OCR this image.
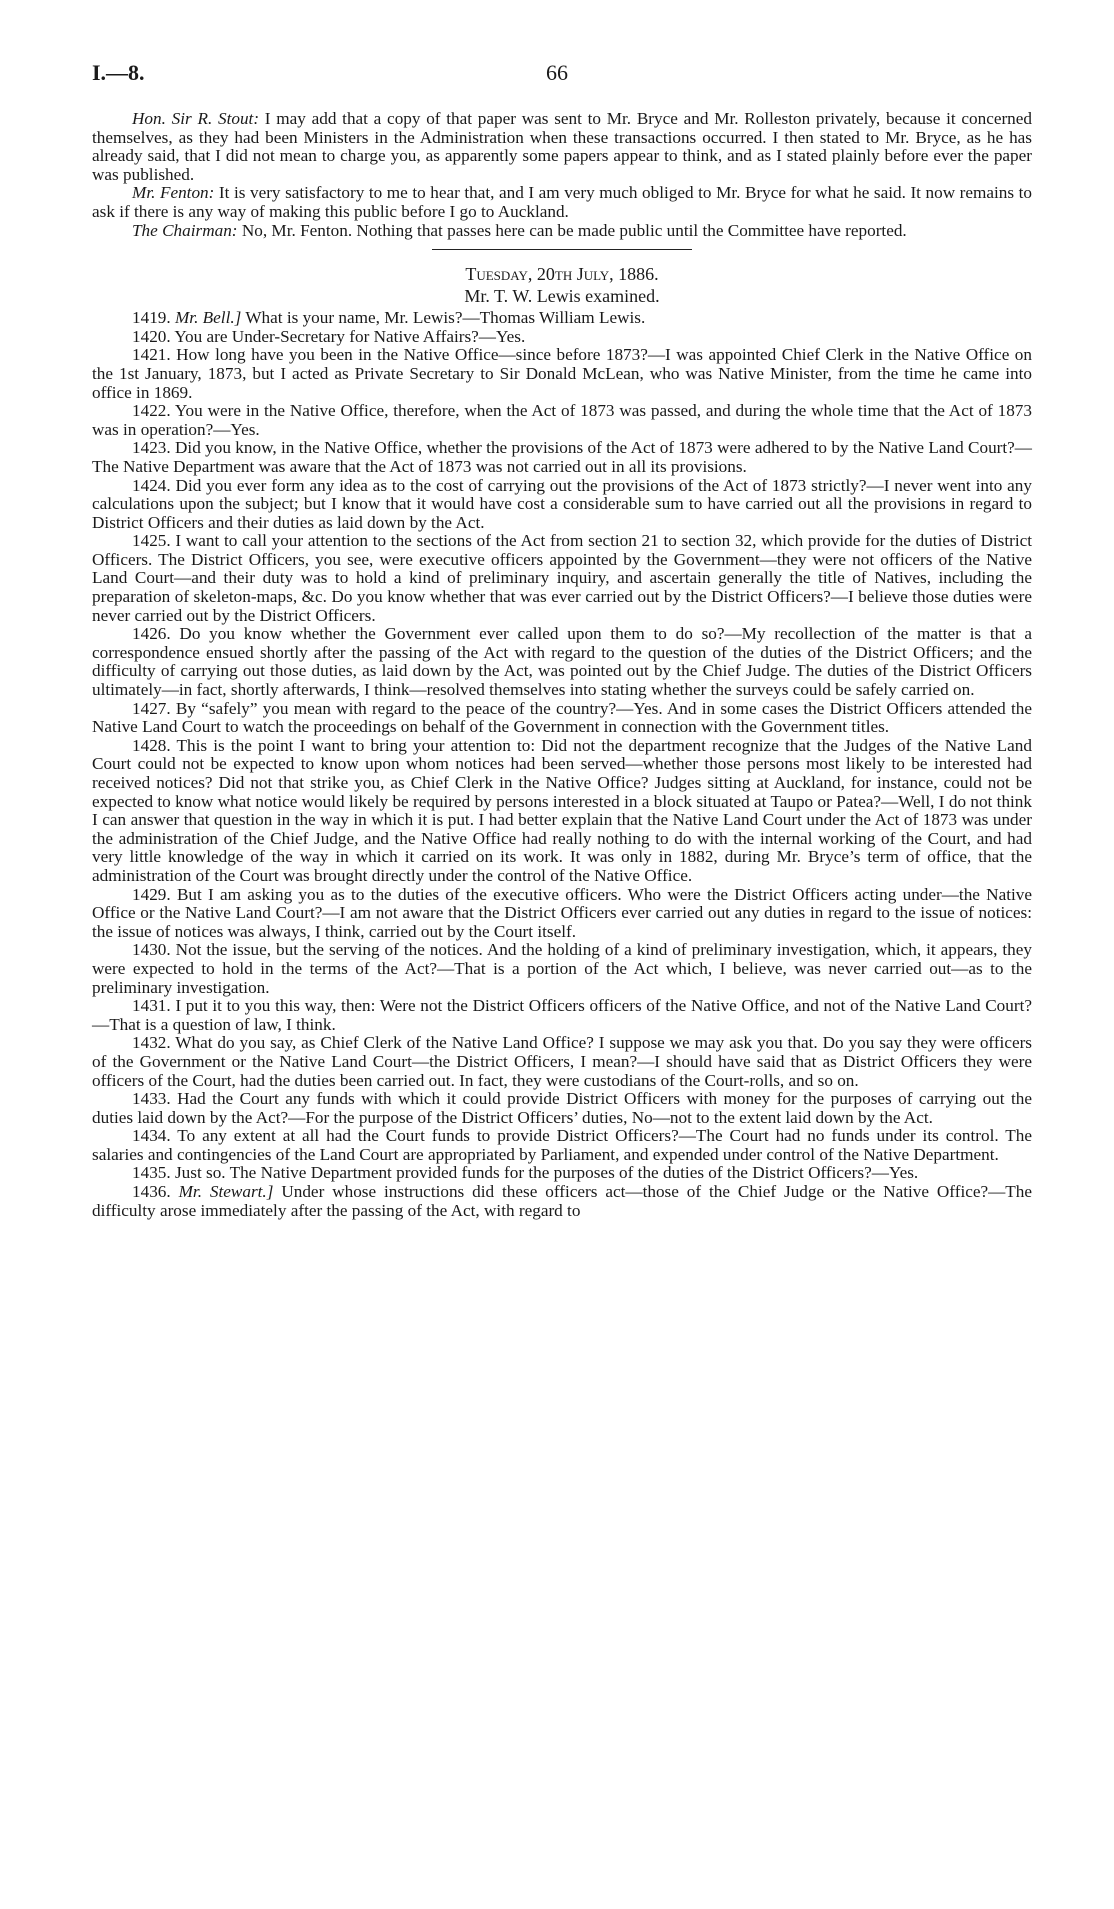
I.—8.	66

Hon. Sir R. Stout: I may add that a copy of that paper was sent to Mr. Bryce and Mr. Rolleston privately, because it concerned themselves, as they had been Ministers in the Administration when these transactions occurred. I then stated to Mr. Bryce, as he has already said, that I did not mean to charge you, as apparently some papers appear to think, and as I stated plainly before ever the paper was published.

Mr. Fenton: It is very satisfactory to me to hear that, and I am very much obliged to Mr. Bryce for what he said. It now remains to ask if there is any way of making this public before I go to Auckland.

The Chairman: No, Mr. Fenton. Nothing that passes here can be made public until the Committee have reported.

Tuesday, 20th July, 1886.

Mr. T. W. Lewis examined.

1419. Mr. Bell.] What is your name, Mr. Lewis?—Thomas William Lewis.

1420. You are Under-Secretary for Native Affairs?—Yes.

1421. How long have you been in the Native Office—since before 1873?—I was appointed Chief Clerk in the Native Office on the 1st January, 1873, but I acted as Private Secretary to Sir Donald McLean, who was Native Minister, from the time he came into office in 1869.

1422. You were in the Native Office, therefore, when the Act of 1873 was passed, and during the whole time that the Act of 1873 was in operation?—Yes.

1423. Did you know, in the Native Office, whether the provisions of the Act of 1873 were adhered to by the Native Land Court?—The Native Department was aware that the Act of 1873 was not carried out in all its provisions.

1424. Did you ever form any idea as to the cost of carrying out the provisions of the Act of 1873 strictly?—I never went into any calculations upon the subject; but I know that it would have cost a considerable sum to have carried out all the provisions in regard to District Officers and their duties as laid down by the Act.

1425. I want to call your attention to the sections of the Act from section 21 to section 32, which provide for the duties of District Officers. The District Officers, you see, were executive officers appointed by the Government—they were not officers of the Native Land Court—and their duty was to hold a kind of preliminary inquiry, and ascertain generally the title of Natives, including the preparation of skeleton-maps, &c. Do you know whether that was ever carried out by the District Officers?—I believe those duties were never carried out by the District Officers.

1426. Do you know whether the Government ever called upon them to do so?—My recollection of the matter is that a correspondence ensued shortly after the passing of the Act with regard to the question of the duties of the District Officers; and the difficulty of carrying out those duties, as laid down by the Act, was pointed out by the Chief Judge. The duties of the District Officers ultimately—in fact, shortly afterwards, I think—resolved themselves into stating whether the surveys could be safely carried on.

1427. By “safely” you mean with regard to the peace of the country?—Yes. And in some cases the District Officers attended the Native Land Court to watch the proceedings on behalf of the Government in connection with the Government titles.

1428. This is the point I want to bring your attention to: Did not the department recognize that the Judges of the Native Land Court could not be expected to know upon whom notices had been served—whether those persons most likely to be interested had received notices? Did not that strike you, as Chief Clerk in the Native Office? Judges sitting at Auckland, for instance, could not be expected to know what notice would likely be required by persons interested in a block situated at Taupo or Patea?—Well, I do not think I can answer that question in the way in which it is put. I had better explain that the Native Land Court under the Act of 1873 was under the administration of the Chief Judge, and the Native Office had really nothing to do with the internal working of the Court, and had very little knowledge of the way in which it carried on its work. It was only in 1882, during Mr. Bryce’s term of office, that the administration of the Court was brought directly under the control of the Native Office.

1429. But I am asking you as to the duties of the executive officers. Who were the District Officers acting under—the Native Office or the Native Land Court?—I am not aware that the District Officers ever carried out any duties in regard to the issue of notices: the issue of notices was always, I think, carried out by the Court itself.

1430. Not the issue, but the serving of the notices. And the holding of a kind of preliminary investigation, which, it appears, they were expected to hold in the terms of the Act?—That is a portion of the Act which, I believe, was never carried out—as to the preliminary investigation.

1431. I put it to you this way, then: Were not the District Officers officers of the Native Office, and not of the Native Land Court?—That is a question of law, I think.

1432. What do you say, as Chief Clerk of the Native Land Office? I suppose we may ask you that. Do you say they were officers of the Government or the Native Land Court—the District Officers, I mean?—I should have said that as District Officers they were officers of the Court, had the duties been carried out. In fact, they were custodians of the Court-rolls, and so on.

1433. Had the Court any funds with which it could provide District Officers with money for the purposes of carrying out the duties laid down by the Act?—For the purpose of the District Officers’ duties, No—not to the extent laid down by the Act.

1434. To any extent at all had the Court funds to provide District Officers?—The Court had no funds under its control. The salaries and contingencies of the Land Court are appropriated by Parliament, and expended under control of the Native Department.

1435. Just so. The Native Department provided funds for the purposes of the duties of the District Officers?—Yes.

1436. Mr. Stewart.] Under whose instructions did these officers act—those of the Chief Judge or the Native Office?—The difficulty arose immediately after the passing of the Act, with regard to
